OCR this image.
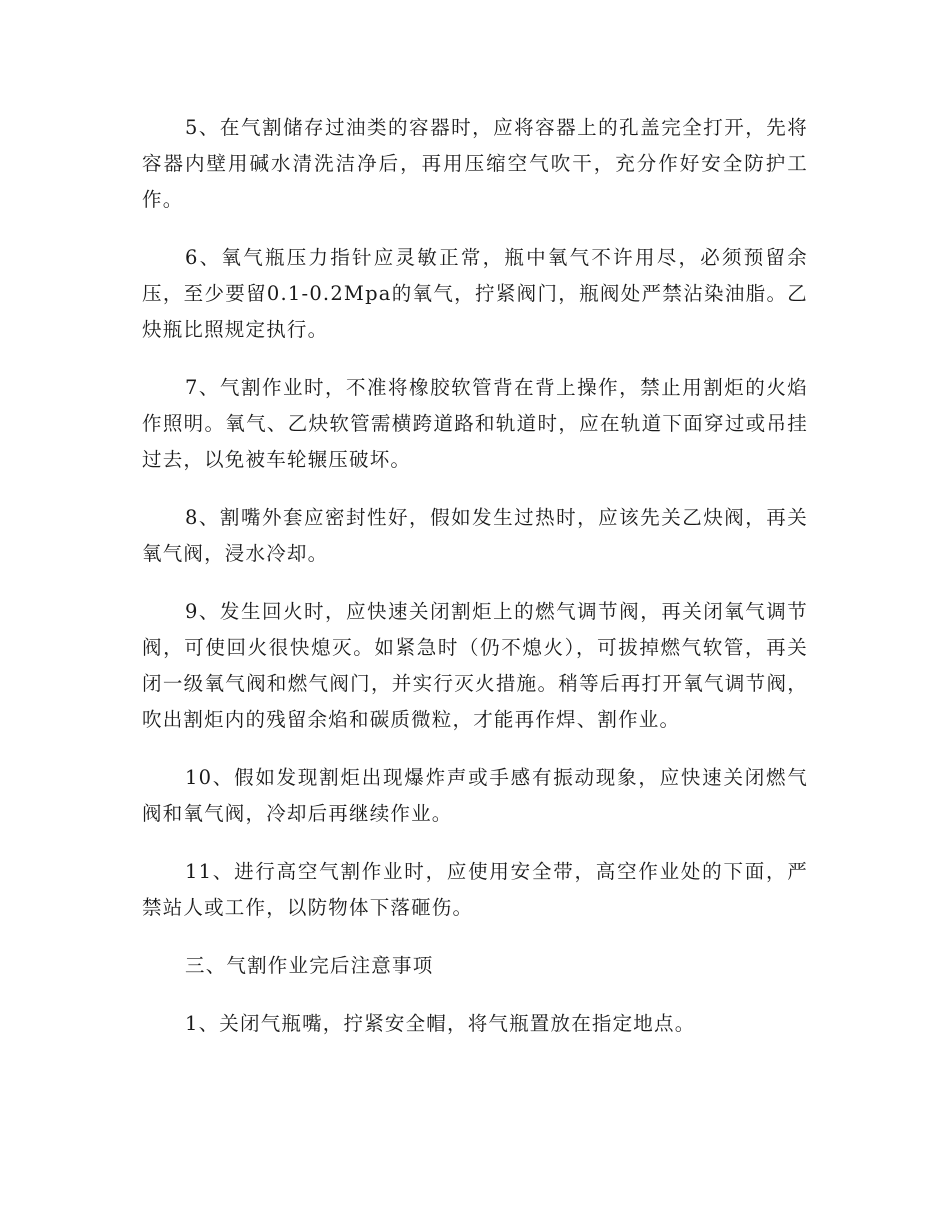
5、在气割储存过油类的容器时，应将容器上的孔盖完全打开，先将容器内壁用碱水清洗洁净后，再用压缩空气吹干，充分作好安全防护工作。

6、氧气瓶压力指针应灵敏正常，瓶中氧气不许用尽，必须预留余压，至少要留0.1-0.2Mpa的氧气，拧紧阀门，瓶阀处严禁沾染油脂。乙炔瓶比照规定执行。

7、气割作业时，不准将橡胶软管背在背上操作，禁止用割炬的火焰作照明。氧气、乙炔软管需横跨道路和轨道时，应在轨道下面穿过或吊挂过去，以免被车轮辗压破坏。

8、割嘴外套应密封性好，假如发生过热时，应该先关乙炔阀，再关氧气阀，浸水冷却。

9、发生回火时，应快速关闭割炬上的燃气调节阀，再关闭氧气调节阀，可使回火很快熄灭。如紧急时（仍不熄火），可拔掉燃气软管，再关闭一级氧气阀和燃气阀门，并实行灭火措施。稍等后再打开氧气调节阀，吹出割炬内的残留余焰和碳质微粒，才能再作焊、割作业。

10、假如发现割炬出现爆炸声或手感有振动现象，应快速关闭燃气阀和氧气阀，冷却后再继续作业。

11、进行高空气割作业时，应使用安全带，高空作业处的下面，严禁站人或工作，以防物体下落砸伤。

三、气割作业完后注意事项

1、关闭气瓶嘴，拧紧安全帽，将气瓶置放在指定地点。
